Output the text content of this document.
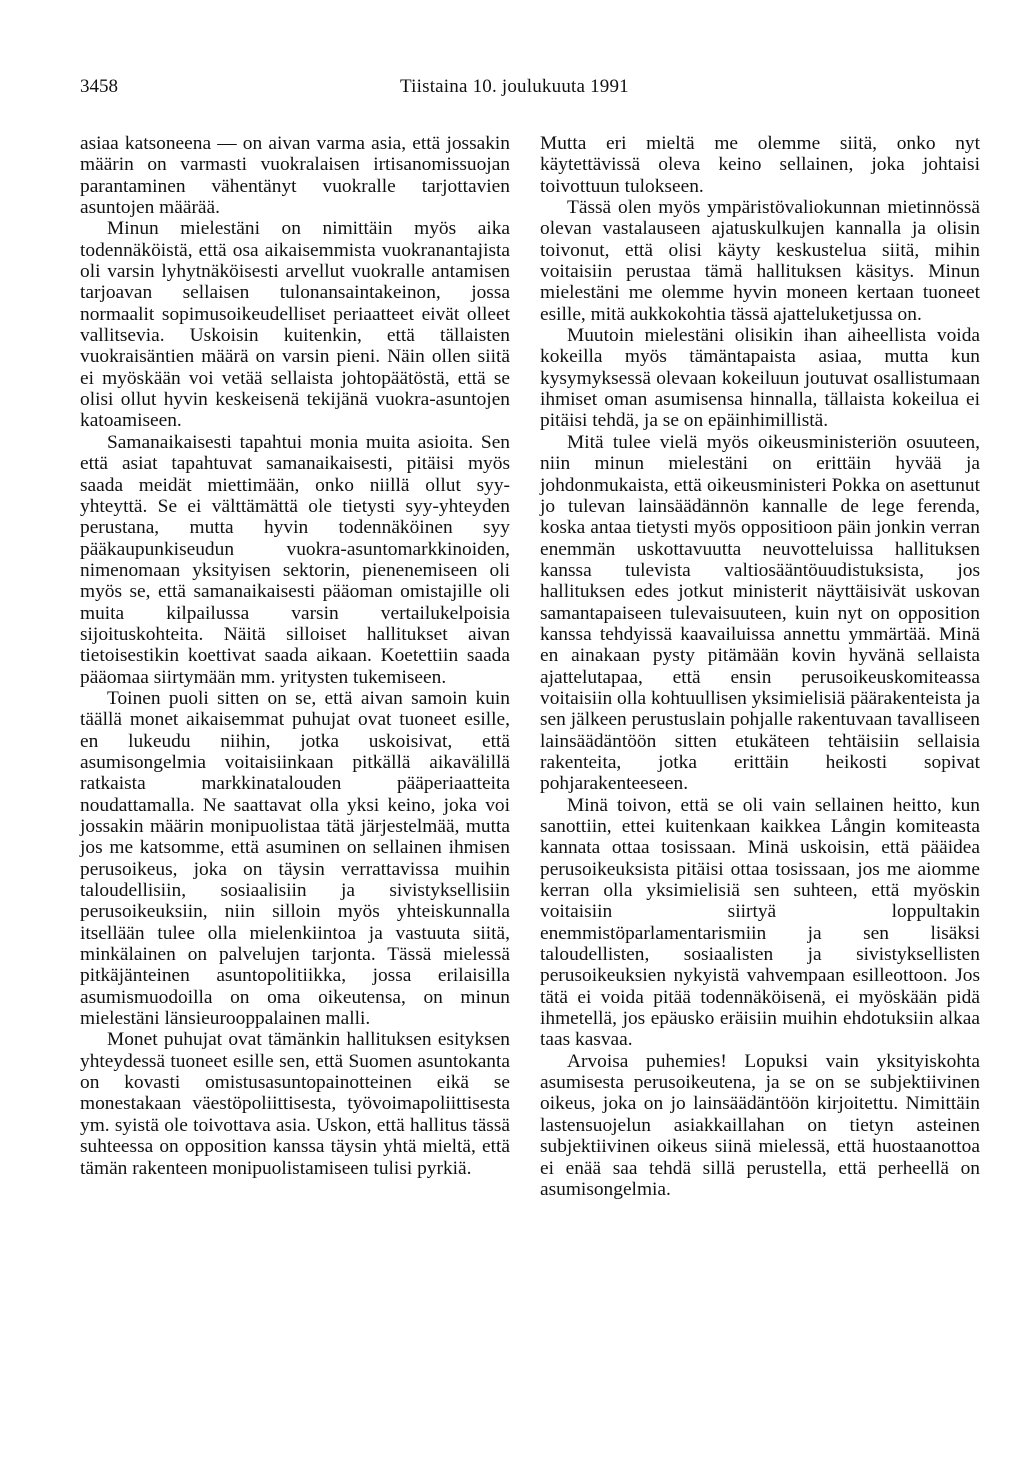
3458	Tiistaina 10. joulukuuta 1991

asiaa katsoneena — on aivan varma asia, että jossakin määrin on varmasti vuokralaisen irtisanomissuojan parantaminen vähentänyt vuokralle tarjottavien asuntojen määrää.

Minun mielestäni on nimittäin myös aika todennäköistä, että osa aikaisemmista vuokranantajista oli varsin lyhytnäköisesti arvellut vuokralle antamisen tarjoavan sellaisen tulonansaintakeinon, jossa normaalit sopimusoikeudelliset periaatteet eivät olleet vallitsevia. Uskoisin kuitenkin, että tällaisten vuokraisäntien määrä on varsin pieni. Näin ollen siitä ei myöskään voi vetää sellaista johtopäätöstä, että se olisi ollut hyvin keskeisenä tekijänä vuokra-asuntojen katoamiseen.

Samanaikaisesti tapahtui monia muita asioita. Sen että asiat tapahtuvat samanaikaisesti, pitäisi myös saada meidät miettimään, onko niillä ollut syy-yhteyttä. Se ei välttämättä ole tietysti syy-yhteyden perustana, mutta hyvin todennäköinen syy pääkaupunkiseudun vuokra-asuntomarkkinoiden, nimenomaan yksityisen sektorin, pienenemiseen oli myös se, että samanaikaisesti pääoman omistajille oli muita kilpailussa varsin vertailukelpoisia sijoituskohteita. Näitä silloiset hallitukset aivan tietoisestikin koettivat saada aikaan. Koetettiin saada pääomaa siirtymään mm. yritysten tukemiseen.

Toinen puoli sitten on se, että aivan samoin kuin täällä monet aikaisemmat puhujat ovat tuoneet esille, en lukeudu niihin, jotka uskoisivat, että asumisongelmia voitaisiinkaan pitkällä aikavälillä ratkaista markkinatalouden pääperiaatteita noudattamalla. Ne saattavat olla yksi keino, joka voi jossakin määrin monipuolistaa tätä järjestelmää, mutta jos me katsomme, että asuminen on sellainen ihmisen perusoikeus, joka on täysin verrattavissa muihin taloudellisiin, sosiaalisiin ja sivistyksellisiin perusoikeuksiin, niin silloin myös yhteiskunnalla itsellään tulee olla mielenkiintoa ja vastuuta siitä, minkälainen on palvelujen tarjonta. Tässä mielessä pitkäjänteinen asuntopolitiikka, jossa erilaisilla asumismuodoilla on oma oikeutensa, on minun mielestäni länsieurooppalainen malli.

Monet puhujat ovat tämänkin hallituksen esityksen yhteydessä tuoneet esille sen, että Suomen asuntokanta on kovasti omistusasuntopainotteinen eikä se monestakaan väestöpoliittisesta, työvoimapoliittisesta ym. syistä ole toivottava asia. Uskon, että hallitus tässä suhteessa on opposition kanssa täysin yhtä mieltä, että tämän rakenteen monipuolistamiseen tulisi pyrkiä.

Mutta eri mieltä me olemme siitä, onko nyt käytettävissä oleva keino sellainen, joka johtaisi toivottuun tulokseen.

Tässä olen myös ympäristövaliokunnan mietinnössä olevan vastalauseen ajatuskulkujen kannalla ja olisin toivonut, että olisi käyty keskustelua siitä, mihin voitaisiin perustaa tämä hallituksen käsitys. Minun mielestäni me olemme hyvin moneen kertaan tuoneet esille, mitä aukkokohtia tässä ajatteluketjussa on.

Muutoin mielestäni olisikin ihan aiheellista voida kokeilla myös tämäntapaista asiaa, mutta kun kysymyksessä olevaan kokeiluun joutuvat osallistumaan ihmiset oman asumisensa hinnalla, tällaista kokeilua ei pitäisi tehdä, ja se on epäinhimillistä.

Mitä tulee vielä myös oikeusministeriön osuuteen, niin minun mielestäni on erittäin hyvää ja johdonmukaista, että oikeusministeri Pokka on asettunut jo tulevan lainsäädännön kannalle de lege ferenda, koska antaa tietysti myös oppositioon päin jonkin verran enemmän uskottavuutta neuvotteluissa hallituksen kanssa tulevista valtiosääntöuudistuksista, jos hallituksen edes jotkut ministerit näyttäisivät uskovan samantapaiseen tulevaisuuteen, kuin nyt on opposition kanssa tehdyissä kaavailuissa annettu ymmärtää. Minä en ainakaan pysty pitämään kovin hyvänä sellaista ajattelutapaa, että ensin perusoikeuskomiteassa voitaisiin olla kohtuullisen yksimielisiä päärakenteista ja sen jälkeen perustuslain pohjalle rakentuvaan tavalliseen lainsäädäntöön sitten etukäteen tehtäisiin sellaisia rakenteita, jotka erittäin heikosti sopivat pohjarakenteeseen.

Minä toivon, että se oli vain sellainen heitto, kun sanottiin, ettei kuitenkaan kaikkea Långin komiteasta kannata ottaa tosissaan. Minä uskoisin, että pääidea perusoikeuksista pitäisi ottaa tosissaan, jos me aiomme kerran olla yksimielisiä sen suhteen, että myöskin voitaisiin siirtyä loppultakin enemmistöparlamentarismiin ja sen lisäksi taloudellisten, sosiaalisten ja sivistyksellisten perusoikeuksien nykyistä vahvempaan esilleottoon. Jos tätä ei voida pitää todennäköisenä, ei myöskään pidä ihmetellä, jos epäusko eräisiin muihin ehdotuksiin alkaa taas kasvaa.

Arvoisa puhemies! Lopuksi vain yksityiskohta asumisesta perusoikeutena, ja se on se subjektiivinen oikeus, joka on jo lainsäädäntöön kirjoitettu. Nimittäin lastensuojelun asiakkaillahan on tietyn asteinen subjektiivinen oikeus siinä mielessä, että huostaanottoa ei enää saa tehdä sillä perustella, että perheellä on asumisongelmia.
